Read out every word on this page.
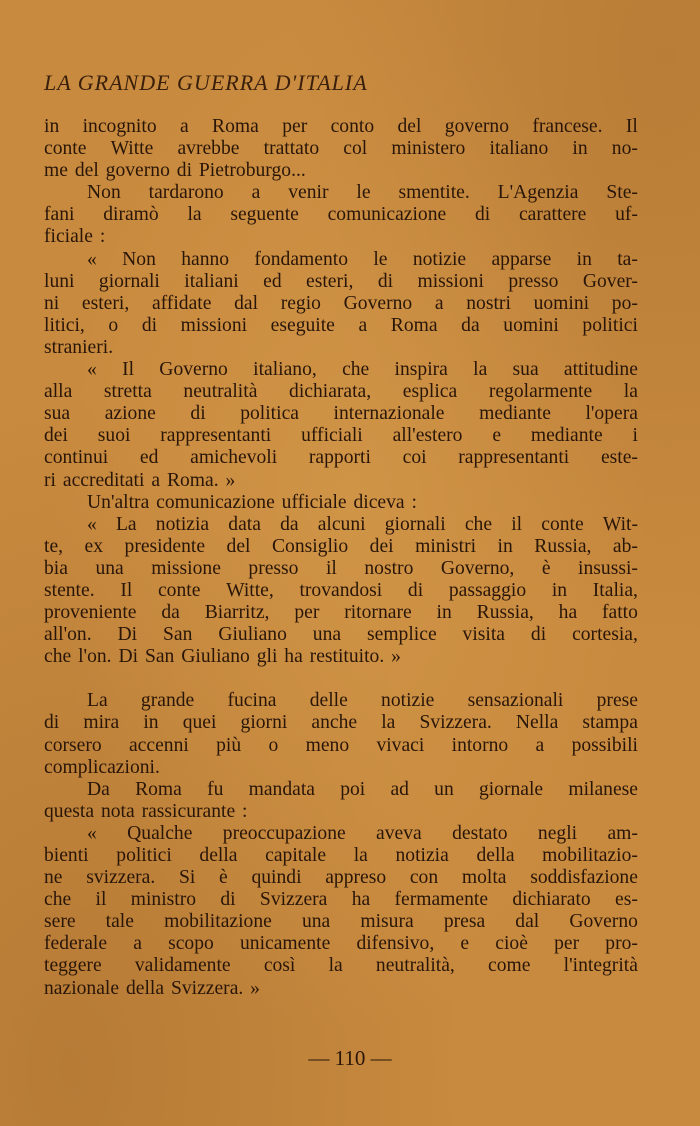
LA GRANDE GUERRA D'ITALIA
in incognito a Roma per conto del governo francese. Il
conte Witte avrebbe trattato col ministero italiano in no-
me del governo di Pietroburgo...
Non tardarono a venir le smentite. L'Agenzia Ste-
fani diramò la seguente comunicazione di carattere uf-
ficiale :
« Non hanno fondamento le notizie apparse in ta-
luni giornali italiani ed esteri, di missioni presso Gover-
ni esteri, affidate dal regio Governo a nostri uomini po-
litici, o di missioni eseguite a Roma da uomini politici
stranieri.
« Il Governo italiano, che inspira la sua attitudine
alla stretta neutralità dichiarata, esplica regolarmente la
sua azione di politica internazionale mediante l'opera
dei suoi rappresentanti ufficiali all'estero e mediante i
continui ed amichevoli rapporti coi rappresentanti este-
ri accreditati a Roma. »
Un'altra comunicazione ufficiale diceva :
« La notizia data da alcuni giornali che il conte Wit-
te, ex presidente del Consiglio dei ministri in Russia, ab-
bia una missione presso il nostro Governo, è insussi-
stente. Il conte Witte, trovandosi di passaggio in Italia,
proveniente da Biarritz, per ritornare in Russia, ha fatto
all'on. Di San Giuliano una semplice visita di cortesia,
che l'on. Di San Giuliano gli ha restituito. »
La grande fucina delle notizie sensazionali prese
di mira in quei giorni anche la Svizzera. Nella stampa
corsero accenni più o meno vivaci intorno a possibili
complicazioni.
Da Roma fu mandata poi ad un giornale milanese
questa nota rassicurante :
« Qualche preoccupazione aveva destato negli am-
bienti politici della capitale la notizia della mobilitazio-
ne svizzera. Si è quindi appreso con molta soddisfazione
che il ministro di Svizzera ha fermamente dichiarato es-
sere tale mobilitazione una misura presa dal Governo
federale a scopo unicamente difensivo, e cioè per pro-
teggere validamente così la neutralità, come l'integrità
nazionale della Svizzera. »
— 110 —
